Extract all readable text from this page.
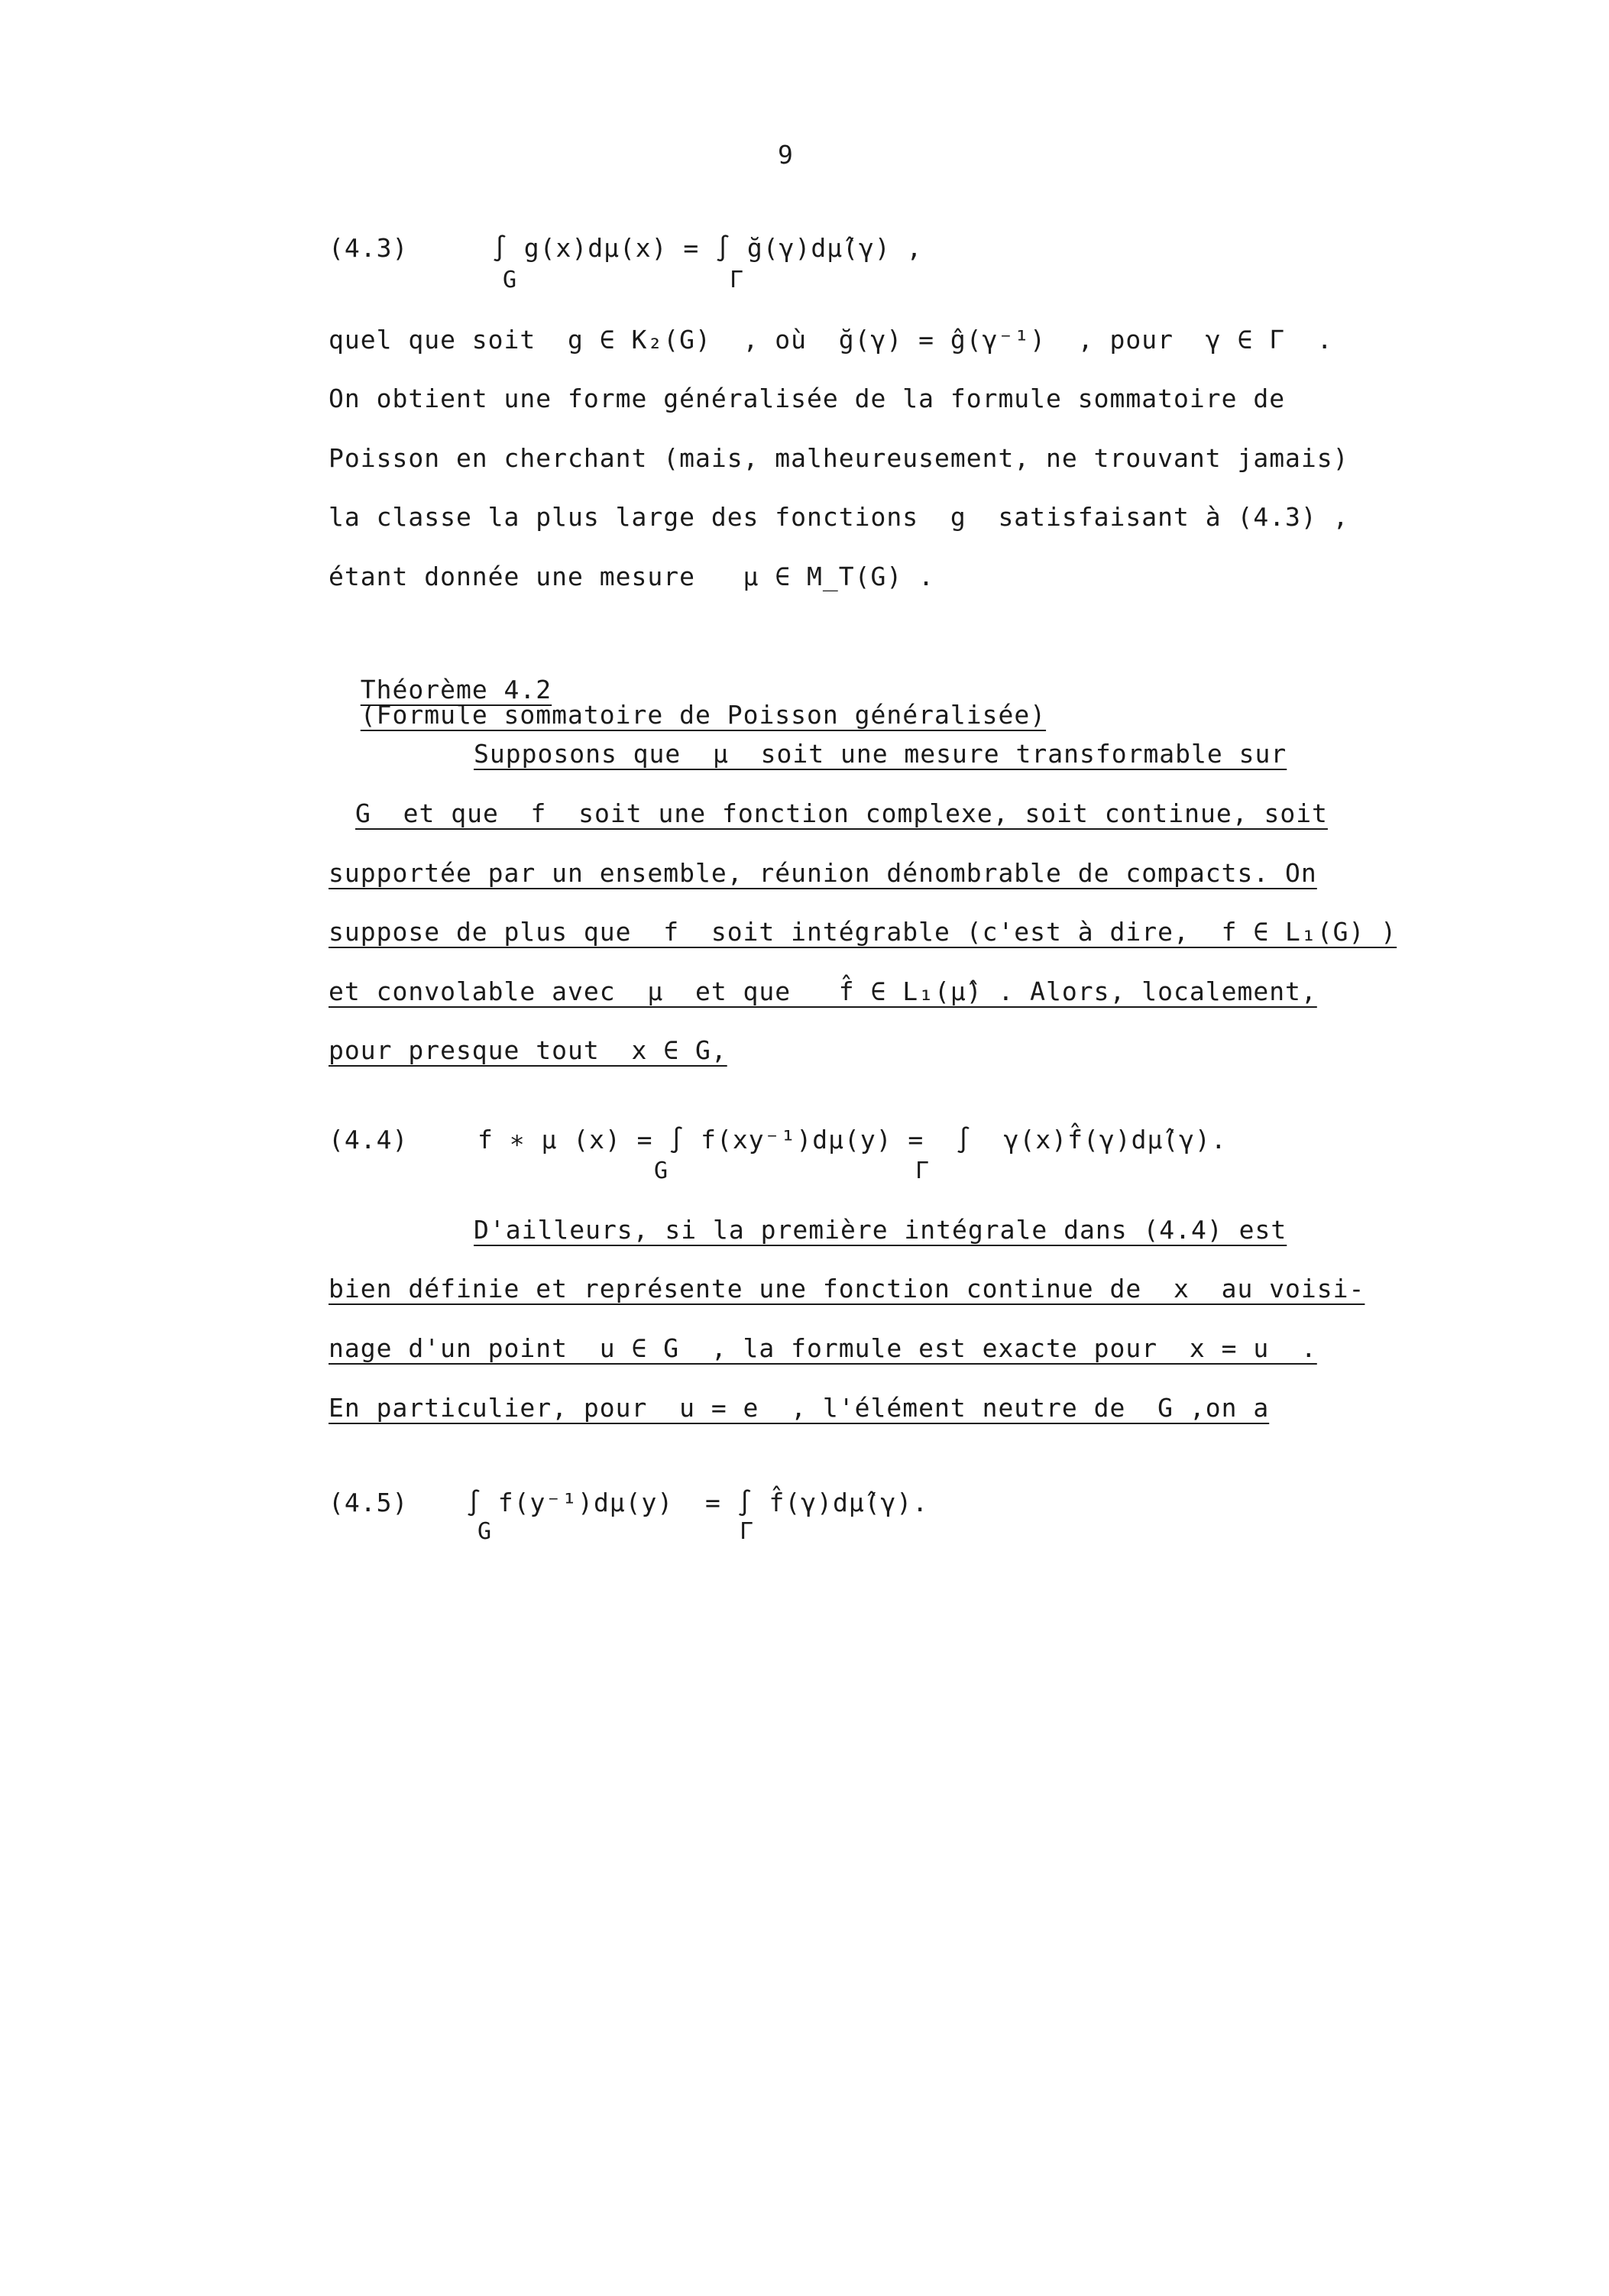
9
(4.3)	∫ g(x)dμ(x) = ∫ ğ(γ)dμ̂(γ) ,
G	Γ
quel que soit  g ∈ K₂(G)  , où  ğ(γ) = ĝ(γ⁻¹)  , pour  γ ∈ Γ  .
On obtient une forme généralisée de la formule sommatoire de
Poisson en cherchant (mais, malheureusement, ne trouvant jamais)
la classe la plus large des fonctions  g  satisfaisant à (4.3) ,
étant donnée une mesure   μ ∈ M_T(G) .

Théorème 4.2
(Formule sommatoire de Poisson généralisée)

Supposons que  μ  soit une mesure transformable sur
G  et que  f  soit une fonction complexe, soit continue, soit
supportée par un ensemble, réunion dénombrable de compacts. On
suppose de plus que  f  soit intégrable (c'est à dire,  f ∈ L₁(G) )
et convolable avec  μ  et que   f̂ ∈ L₁(μ̂) . Alors, localement,
pour presque tout  x ∈ G,
(4.4)	f ∗ μ (x) = ∫ f(xy⁻¹)dμ(y) =  ∫  γ(x)f̂(γ)dμ̂(γ).
G	Γ
D'ailleurs, si la première intégrale dans (4.4) est
bien définie et représente une fonction continue de  x  au voisi-
nage d'un point  u ∈ G  , la formule est exacte pour  x = u  .
En particulier, pour  u = e  , l'élément neutre de  G ,on a
(4.5) ∫ f(y⁻¹)dμ(y)  = ∫ f̂(γ)dμ̂(γ).
G	Γ
